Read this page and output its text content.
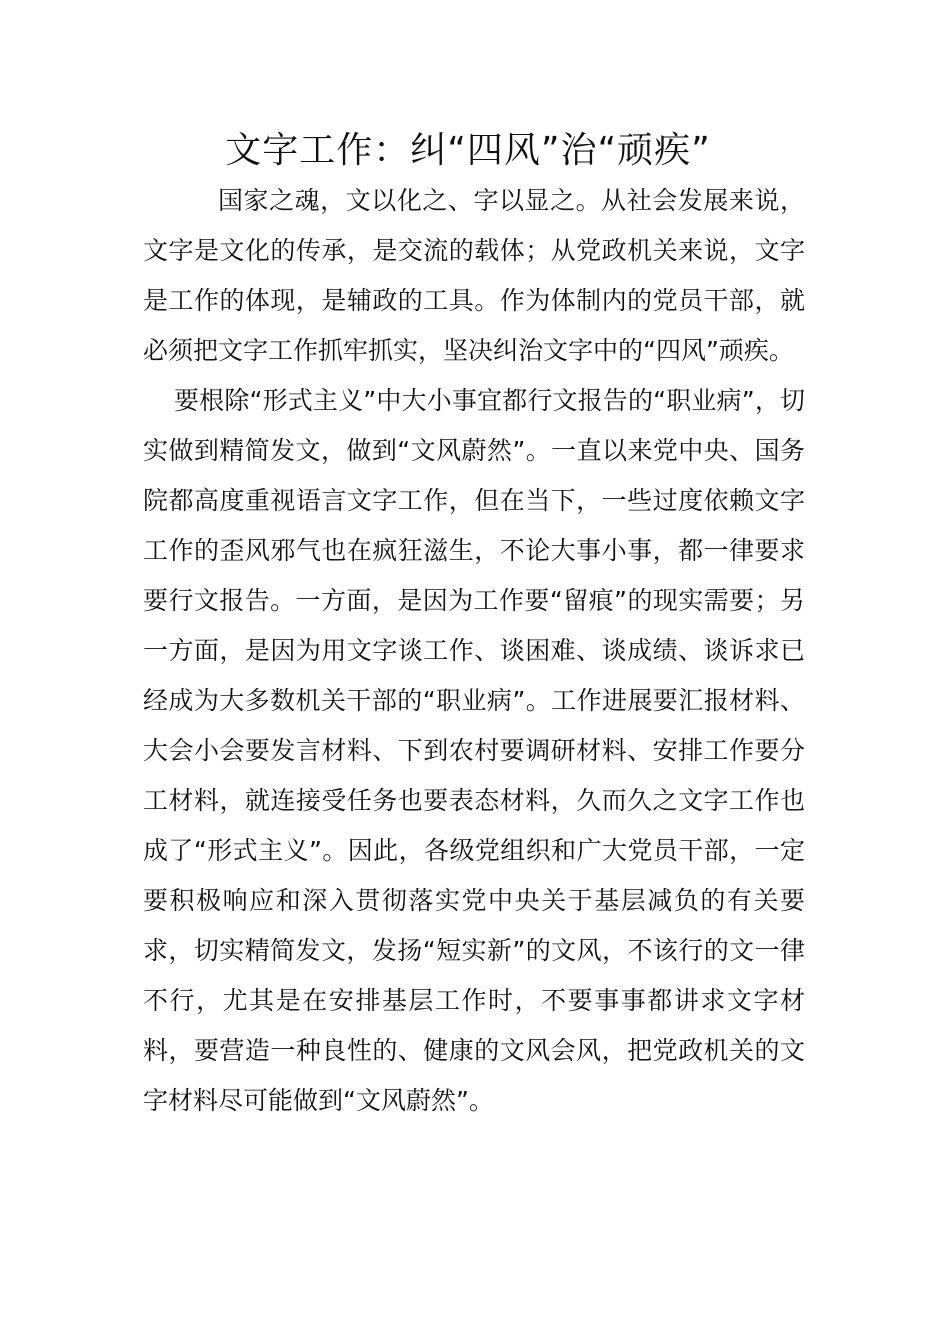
文字工作：纠“四风”治“顽疾”

国家之魂，文以化之、字以显之。从社会发展来说，文字是文化的传承，是交流的载体；从党政机关来说，文字是工作的体现，是辅政的工具。作为体制内的党员干部，就必须把文字工作抓牢抓实，坚决纠治文字中的“四风”顽疾。

要根除“形式主义”中大小事宜都行文报告的“职业病”，切实做到精简发文，做到“文风蔚然”。一直以来党中央、国务院都高度重视语言文字工作，但在当下，一些过度依赖文字工作的歪风邪气也在疯狂滋生，不论大事小事，都一律要求要行文报告。一方面，是因为工作要“留痕”的现实需要；另一方面，是因为用文字谈工作、谈困难、谈成绩、谈诉求已经成为大多数机关干部的“职业病”。工作进展要汇报材料、大会小会要发言材料、下到农村要调研材料、安排工作要分工材料，就连接受任务也要表态材料，久而久之文字工作也成了“形式主义”。因此，各级党组织和广大党员干部，一定要积极响应和深入贯彻落实党中央关于基层减负的有关要求，切实精简发文，发扬“短实新”的文风，不该行的文一律不行，尤其是在安排基层工作时，不要事事都讲求文字材料，要营造一种良性的、健康的文风会风，把党政机关的文字材料尽可能做到“文风蔚然”。
